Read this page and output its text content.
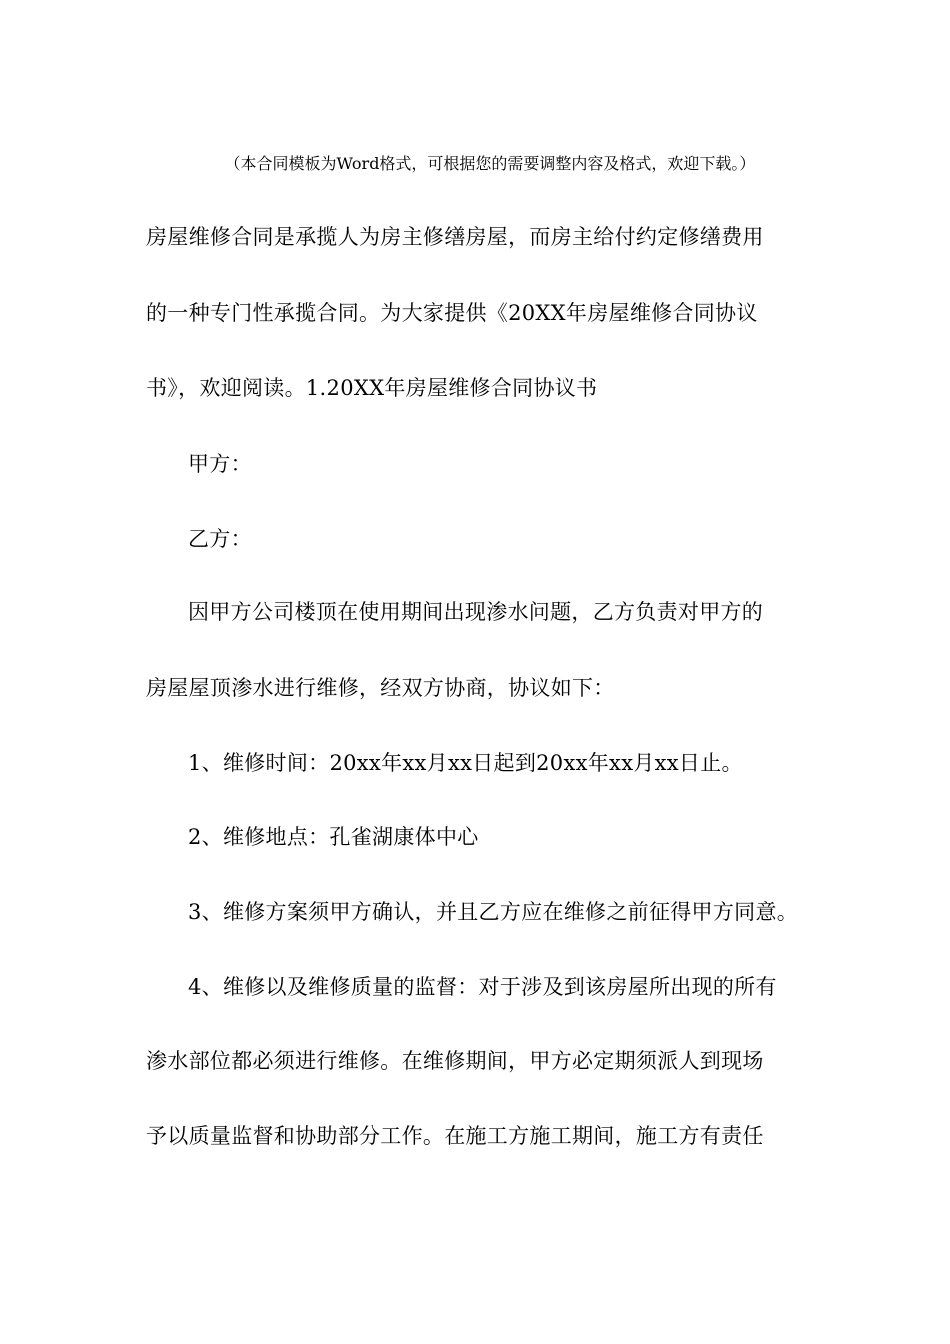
（本合同模板为Word格式，可根据您的需要调整内容及格式，欢迎下载。）
房屋维修合同是承揽人为房主修缮房屋，而房主给付约定修缮费用
的一种专门性承揽合同。为大家提供《20XX年房屋维修合同协议
书》，欢迎阅读。1.20XX年房屋维修合同协议书
甲方：
乙方：
因甲方公司楼顶在使用期间出现渗水问题，乙方负责对甲方的
房屋屋顶渗水进行维修，经双方协商，协议如下：
1、维修时间：20xx年xx月xx日起到20xx年xx月xx日止。
2、维修地点：孔雀湖康体中心
3、维修方案须甲方确认，并且乙方应在维修之前征得甲方同意。
4、维修以及维修质量的监督：对于涉及到该房屋所出现的所有
渗水部位都必须进行维修。在维修期间，甲方必定期须派人到现场
予以质量监督和协助部分工作。在施工方施工期间，施工方有责任
